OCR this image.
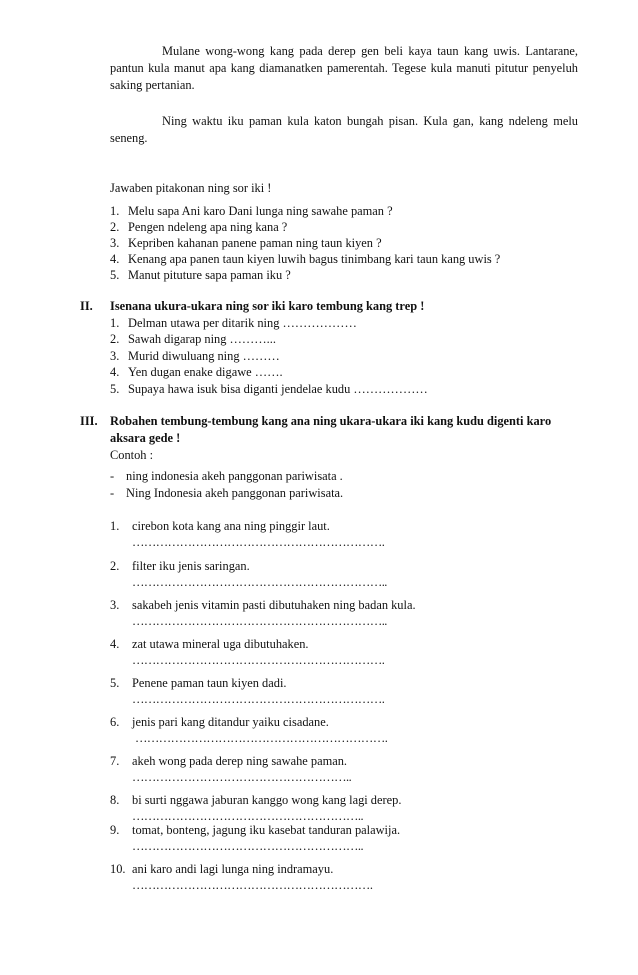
Mulane wong-wong kang pada derep gen beli kaya taun kang uwis. Lantarane, pantun kula manut apa kang diamanatken pamerentah. Tegese kula manuti pitutur penyeluh saking pertanian.
Ning waktu iku paman kula katon bungah pisan. Kula gan, kang ndeleng melu seneng.
Jawaben pitakonan ning sor iki !
1. Melu sapa Ani karo Dani lunga ning sawahe paman ?
2. Pengen ndeleng apa ning kana ?
3. Kepriben kahanan panene paman ning taun kiyen ?
4. Kenang apa panen taun kiyen luwih bagus tinimbang kari taun kang uwis ?
5. Manut pituture sapa paman iku ?
II. Isenana ukura-ukara ning sor iki karo tembung kang trep !
1. Delman utawa per ditarik ning ………………
2. Sawah digarap ning ………...
3. Murid diwuluang ning ………
4. Yen dugan enake digawe …….
5. Supaya hawa isuk bisa diganti jendelae kudu ………………
III. Robahen tembung-tembung kang ana ning ukara-ukara iki kang kudu digenti karo
aksara gede !
Contoh :
- ning indonesia akeh panggonan pariwisata .
- Ning Indonesia akeh panggonan pariwisata.
1. cirebon kota kang ana ning pinggir laut.
……………………………………………………….
2. filter iku jenis saringan.
………………………………………………………..
3. sakabeh jenis vitamin pasti dibutuhaken ning badan kula.
………………………………………………………..
4. zat utawa mineral uga dibutuhaken.
……………………………………………………….
5. Penene paman taun kiyen dadi.
……………………………………………………….
6. jenis pari kang ditandur yaiku cisadane.
……………………………………………………….
7. akeh wong pada derep ning sawahe paman.
………………………………………………..
8. bi surti nggawa jaburan kanggo wong kang lagi derep.
…………………………………………………..
9. tomat, bonteng, jagung iku kasebat tanduran palawija.
…………………………………………………..
10. ani karo andi lagi lunga ning indramayu.
…………………………………………………….
